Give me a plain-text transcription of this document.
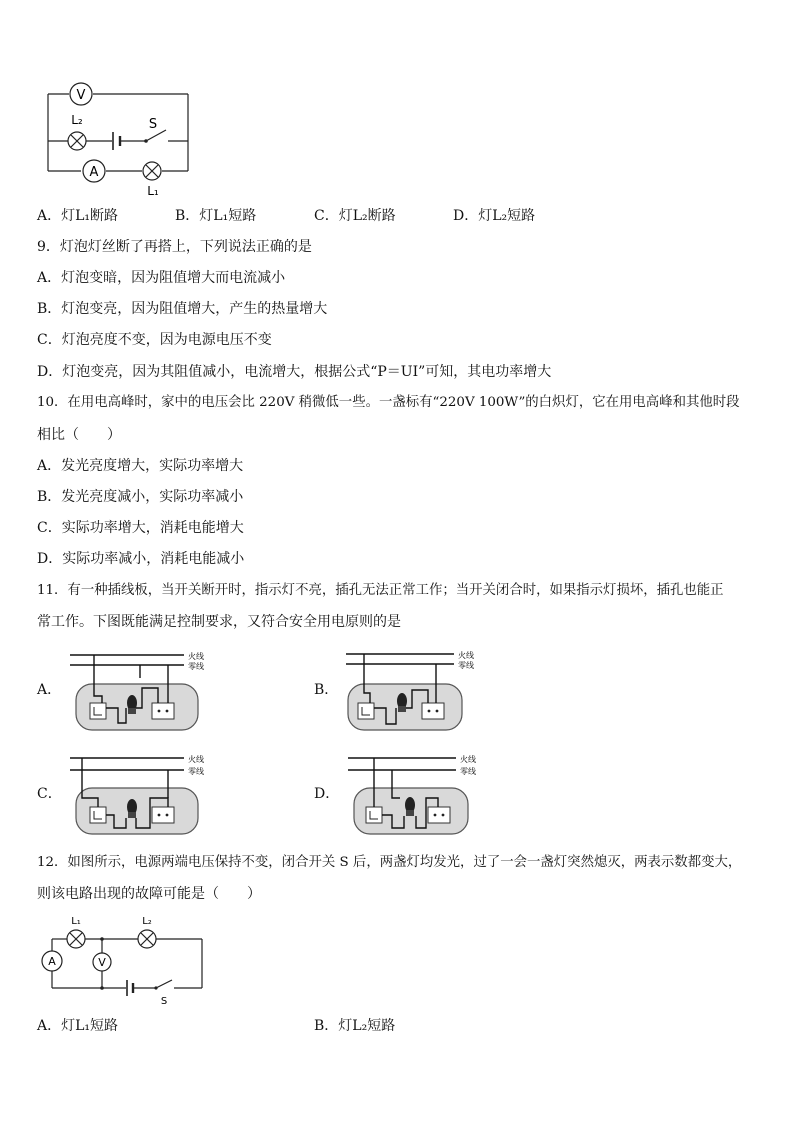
V
A
L₂	S
L₁
A．灯L₁断路	B．灯L₁短路	C．灯L₂断路	D．灯L₂短路
9．灯泡灯丝断了再搭上，下列说法正确的是
A．灯泡变暗，因为阻值增大而电流减小
B．灯泡变亮，因为阻值增大，产生的热量增大
C．灯泡亮度不变，因为电源电压不变
D．灯泡变亮，因为其阻值减小，电流增大，根据公式“P＝UI”可知，其电功率增大
10．在用电高峰时，家中的电压会比 220V 稍微低一些。一盏标有“220V 100W”的白炽灯，它在用电高峰和其他时段
相比（　　）
A．发光亮度增大，实际功率增大
B．发光亮度减小，实际功率减小
C．实际功率增大，消耗电能增大
D．实际功率减小，消耗电能减小
11．有一种插线板，当开关断开时，指示灯不亮，插孔无法正常工作；当开关闭合时，如果指示灯损坏，插孔也能正
常工作。下图既能满足控制要求，又符合安全用电原则的是
A．	B．
C．	D．
火线
零线
火线
零线
火线
零线
火线
零线
12．如图所示，电源两端电压保持不变，闭合开关 S 后，两盏灯均发光，过了一会一盏灯突然熄灭，两表示数都变大，
则该电路出现的故障可能是（　　）
L₁	L₂
A	V
S
A．灯L₁短路	B．灯L₂短路
